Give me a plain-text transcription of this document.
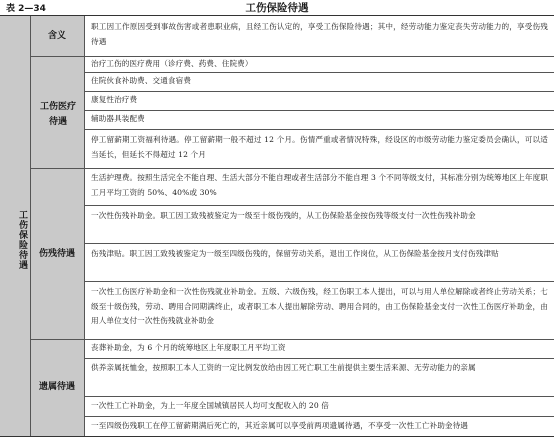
表 2—34	工伤保险待遇
工伤保险待遇
含义
工伤医疗待遇
伤残待遇
遗属待遇
职工因工作原因受到事故伤害或者患职业病，且经工伤认定的，享受工伤保险待遇；其中，经劳动能力鉴定丧失劳动能力的，享受伤残待遇
治疗工伤的医疗费用（诊疗费、药费、住院费）
住院伙食补助费、交通食宿费
康复性治疗费
辅助器具装配费
停工留薪期工资福利待遇。停工留薪期一般不超过 12 个月。伤情严重或者情况特殊，经设区的市级劳动能力鉴定委员会确认，可以适当延长，但延长不得超过 12 个月
生活护理费。按照生活完全不能自理、生活大部分不能自理或者生活部分不能自理 3 个不同等级支付，其标准分别为统筹地区上年度职工月平均工资的 50%、40%或 30%
一次性伤残补助金。职工因工致残被鉴定为一级至十级伤残的，从工伤保险基金按伤残等级支付一次性伤残补助金
伤残津贴。职工因工致残被鉴定为一级至四级伤残的，保留劳动关系，退出工作岗位，从工伤保险基金按月支付伤残津贴
一次性工伤医疗补助金和一次性伤残就业补助金。五级、六级伤残，经工伤职工本人提出，可以与用人单位解除或者终止劳动关系；七级至十级伤残，劳动、聘用合同期满终止，或者职工本人提出解除劳动、聘用合同的，由工伤保险基金支付一次性工伤医疗补助金，由用人单位支付一次性伤残就业补助金
丧葬补助金，为 6 个月的统筹地区上年度职工月平均工资
供养亲属抚恤金，按照职工本人工资的一定比例发放给由因工死亡职工生前提供主要生活来源、无劳动能力的亲属
一次性工亡补助金，为上一年度全国城镇居民人均可支配收入的 20 倍
一至四级伤残职工在停工留薪期满后死亡的，其近亲属可以享受前两项遗属待遇，不享受一次性工亡补助金待遇
